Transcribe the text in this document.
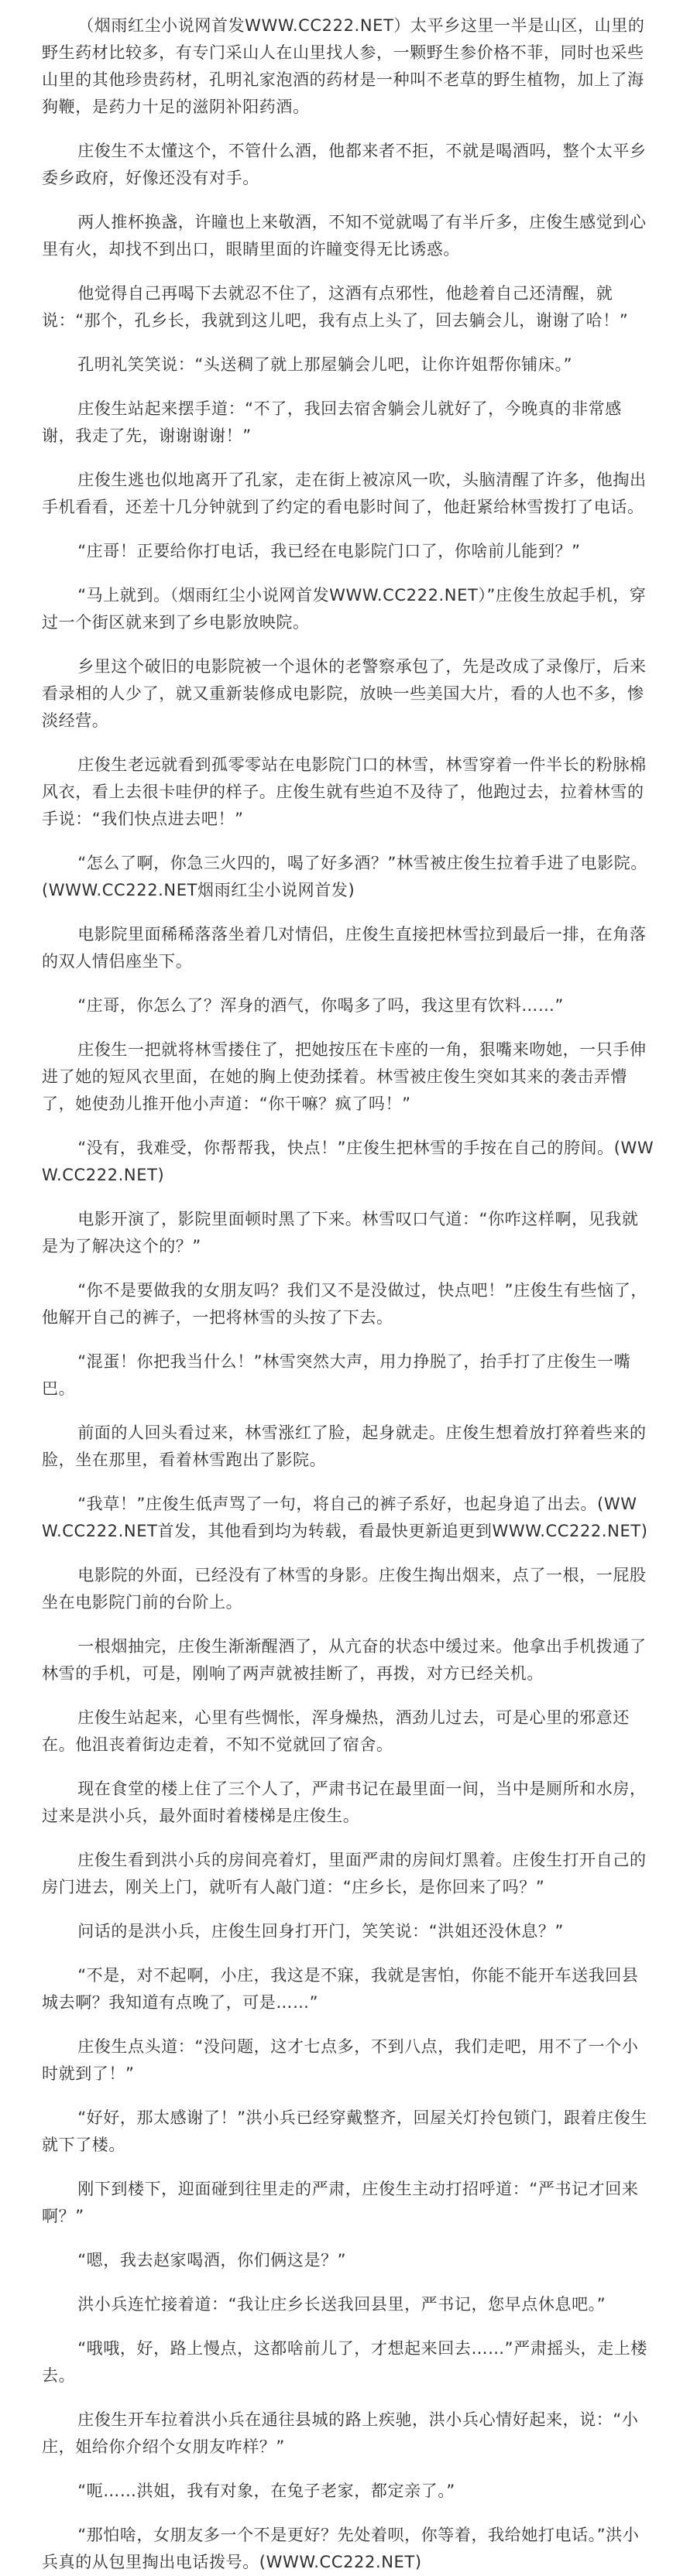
（烟雨红尘小说网首发WWW.CC222.NET）太平乡这里一半是山区，山里的野生药材比较多，有专门采山人在山里找人参，一颗野生参价格不菲，同时也采些山里的其他珍贵药材，孔明礼家泡酒的药材是一种叫不老草的野生植物，加上了海狗鞭，是药力十足的滋阴补阳药酒。

庄俊生不太懂这个，不管什么酒，他都来者不拒，不就是喝酒吗，整个太平乡委乡政府，好像还没有对手。

两人推杯换盏，许瞳也上来敬酒，不知不觉就喝了有半斤多，庄俊生感觉到心里有火，却找不到出口，眼睛里面的许瞳变得无比诱惑。

他觉得自己再喝下去就忍不住了，这酒有点邪性，他趁着自己还清醒，就说：“那个，孔乡长，我就到这儿吧，我有点上头了，回去躺会儿，谢谢了哈！”

孔明礼笑笑说：“头送稠了就上那屋躺会儿吧，让你许姐帮你铺床。”

庄俊生站起来摆手道：“不了，我回去宿舍躺会儿就好了，今晚真的非常感谢，我走了先，谢谢谢谢！”

庄俊生逃也似地离开了孔家，走在街上被凉风一吹，头脑清醒了许多，他掏出手机看看，还差十几分钟就到了约定的看电影时间了，他赶紧给林雪拨打了电话。

“庄哥！正要给你打电话，我已经在电影院门口了，你啥前儿能到？”

“马上就到。（烟雨红尘小说网首发WWW.CC222.NET）”庄俊生放起手机，穿过一个街区就来到了乡电影放映院。

乡里这个破旧的电影院被一个退休的老警察承包了，先是改成了录像厅，后来看录相的人少了，就又重新装修成电影院，放映一些美国大片，看的人也不多，惨淡经营。

庄俊生老远就看到孤零零站在电影院门口的林雪，林雪穿着一件半长的粉脉棉风衣，看上去很卡哇伊的样子。庄俊生就有些迫不及待了，他跑过去，拉着林雪的手说：“我们快点进去吧！”

“怎么了啊，你急三火四的，喝了好多酒？”林雪被庄俊生拉着手进了电影院。(WWW.CC222.NET烟雨红尘小说网首发)

电影院里面稀稀落落坐着几对情侣，庄俊生直接把林雪拉到最后一排，在角落的双人情侣座坐下。

“庄哥，你怎么了？浑身的酒气，你喝多了吗，我这里有饮料……”

庄俊生一把就将林雪搂住了，把她按压在卡座的一角，狠嘴来吻她，一只手伸进了她的短风衣里面，在她的胸上使劲揉着。林雪被庄俊生突如其来的袭击弄懵了，她使劲儿推开他小声道：“你干嘛？疯了吗！”

“没有，我难受，你帮帮我，快点！”庄俊生把林雪的手按在自己的胯间。(WWW.CC222.NET)

电影开演了，影院里面顿时黑了下来。林雪叹口气道：“你咋这样啊，见我就是为了解决这个的？”

“你不是要做我的女朋友吗？我们又不是没做过，快点吧！”庄俊生有些恼了，他解开自己的裤子，一把将林雪的头按了下去。

“混蛋！你把我当什么！”林雪突然大声，用力挣脱了，抬手打了庄俊生一嘴巴。

前面的人回头看过来，林雪涨红了脸，起身就走。庄俊生想着放打猝着些来的脸，坐在那里，看着林雪跑出了影院。

“我草！”庄俊生低声骂了一句，将自己的裤子系好，也起身追了出去。(WWW.CC222.NET首发，其他看到均为转载，看最快更新追更到WWW.CC222.NET)

电影院的外面，已经没有了林雪的身影。庄俊生掏出烟来，点了一根，一屁股坐在电影院门前的台阶上。

一根烟抽完，庄俊生渐渐醒酒了，从亢奋的状态中缓过来。他拿出手机拨通了林雪的手机，可是，刚响了两声就被挂断了，再拨，对方已经关机。

庄俊生站起来，心里有些惆怅，浑身燥热，酒劲儿过去，可是心里的邪意还在。他沮丧着街边走着，不知不觉就回了宿舍。

现在食堂的楼上住了三个人了，严肃书记在最里面一间，当中是厕所和水房，过来是洪小兵，最外面时着楼梯是庄俊生。

庄俊生看到洪小兵的房间亮着灯，里面严肃的房间灯黑着。庄俊生打开自己的房门进去，刚关上门，就听有人敲门道：“庄乡长，是你回来了吗？”

问话的是洪小兵，庄俊生回身打开门，笑笑说：“洪姐还没休息？”

“不是，对不起啊，小庄，我这是不寐，我就是害怕，你能不能开车送我回县城去啊？我知道有点晚了，可是……”

庄俊生点头道：“没问题，这才七点多，不到八点，我们走吧，用不了一个小时就到了！”

“好好，那太感谢了！”洪小兵已经穿戴整齐，回屋关灯拎包锁门，跟着庄俊生就下了楼。

刚下到楼下，迎面碰到往里走的严肃，庄俊生主动打招呼道：“严书记才回来啊？”

“嗯，我去赵家喝酒，你们俩这是？”

洪小兵连忙接着道：“我让庄乡长送我回县里，严书记，您早点休息吧。”

“哦哦，好，路上慢点，这都啥前儿了，才想起来回去……”严肃摇头，走上楼去。

庄俊生开车拉着洪小兵在通往县城的路上疾驰，洪小兵心情好起来，说：“小庄，姐给你介绍个女朋友咋样？”

“呃……洪姐，我有对象，在兔子老家，都定亲了。”

“那怕啥，女朋友多一个不是更好？先处着呗，你等着，我给她打电话。”洪小兵真的从包里掏出电话拨号。(WWW.CC222.NET)
